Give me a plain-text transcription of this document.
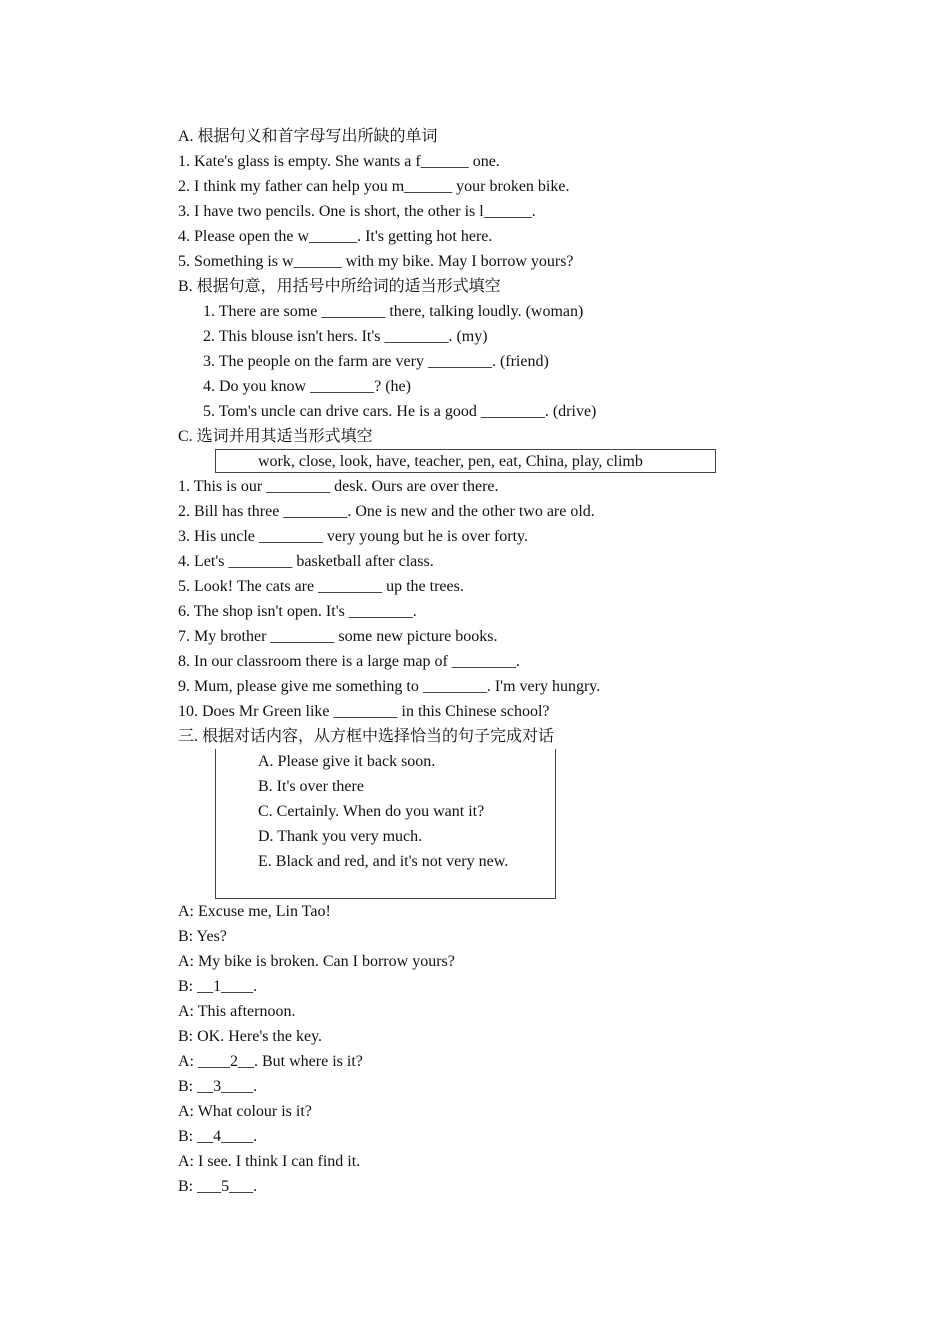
A. 根据句义和首字母写出所缺的单词
1. Kate's glass is empty. She wants a f______ one.
2. I think my father can help you m______ your broken bike.
3. I have two pencils. One is short, the other is l______.
4. Please open the w______. It's getting hot here.
5. Something is w______ with my bike. May I borrow yours?
B. 根据句意，用括号中所给词的适当形式填空
1. There are some ________ there, talking loudly. (woman)
2. This blouse isn't hers. It's ________. (my)
3. The people on the farm are very ________. (friend)
4. Do you know ________? (he)
5. Tom's uncle can drive cars. He is a good ________. (drive)
C. 选词并用其适当形式填空
work, close, look, have, teacher, pen, eat, China, play, climb
1. This is our ________ desk. Ours are over there.
2. Bill has three ________. One is new and the other two are old.
3. His uncle ________ very young but he is over forty.
4. Let's ________ basketball after class.
5. Look! The cats are ________ up the trees.
6. The shop isn't open. It's ________.
7. My brother ________ some new picture books.
8. In our classroom there is a large map of ________.
9. Mum, please give me something to ________. I'm very hungry.
10. Does Mr Green like ________ in this Chinese school?
三. 根据对话内容，从方框中选择恰当的句子完成对话
A. Please give it back soon.
B. It's over there
C. Certainly. When do you want it?
D. Thank you very much.
E. Black and red, and it's not very new.
A: Excuse me, Lin Tao!
B: Yes?
A: My bike is broken. Can I borrow yours?
B: __1____.
A: This afternoon.
B: OK. Here's the key.
A: ____2__. But where is it?
B: __3____.
A: What colour is it?
B: __4____.
A: I see. I think I can find it.
B: ___5___.
